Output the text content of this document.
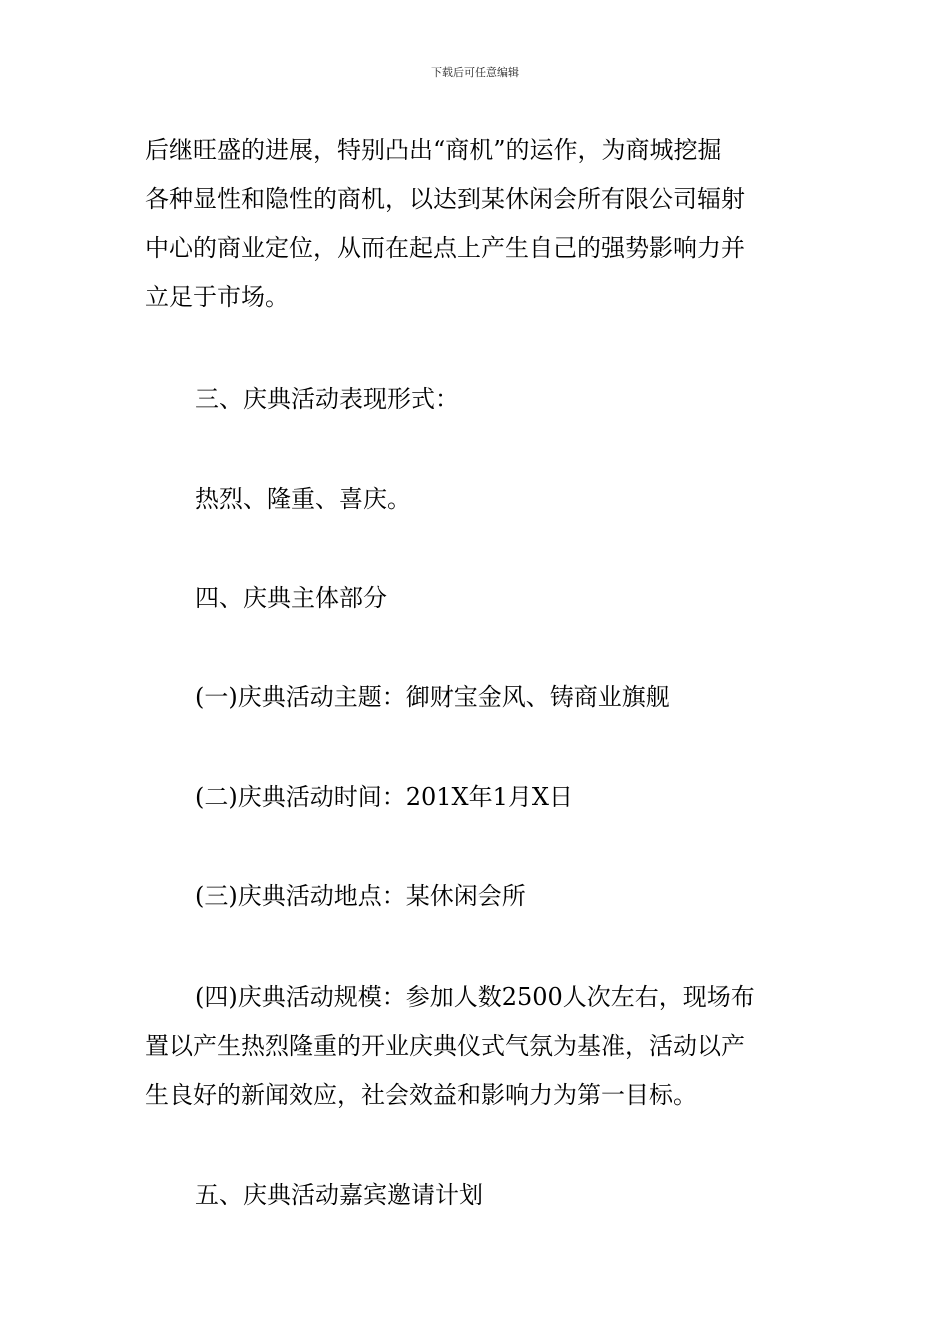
下载后可任意编辑
后继旺盛的进展，特别凸出“商机”的运作，为商城挖掘
各种显性和隐性的商机，以达到某休闲会所有限公司辐射
中心的商业定位，从而在起点上产生自己的强势影响力并
立足于市场。
三、庆典活动表现形式：
热烈、隆重、喜庆。
四、庆典主体部分
(一)庆典活动主题：御财宝金风、铸商业旗舰
(二)庆典活动时间：201X年1月X日
(三)庆典活动地点：某休闲会所
(四)庆典活动规模：参加人数2500人次左右，现场布
置以产生热烈隆重的开业庆典仪式气氛为基准，活动以产
生良好的新闻效应，社会效益和影响力为第一目标。
五、庆典活动嘉宾邀请计划
